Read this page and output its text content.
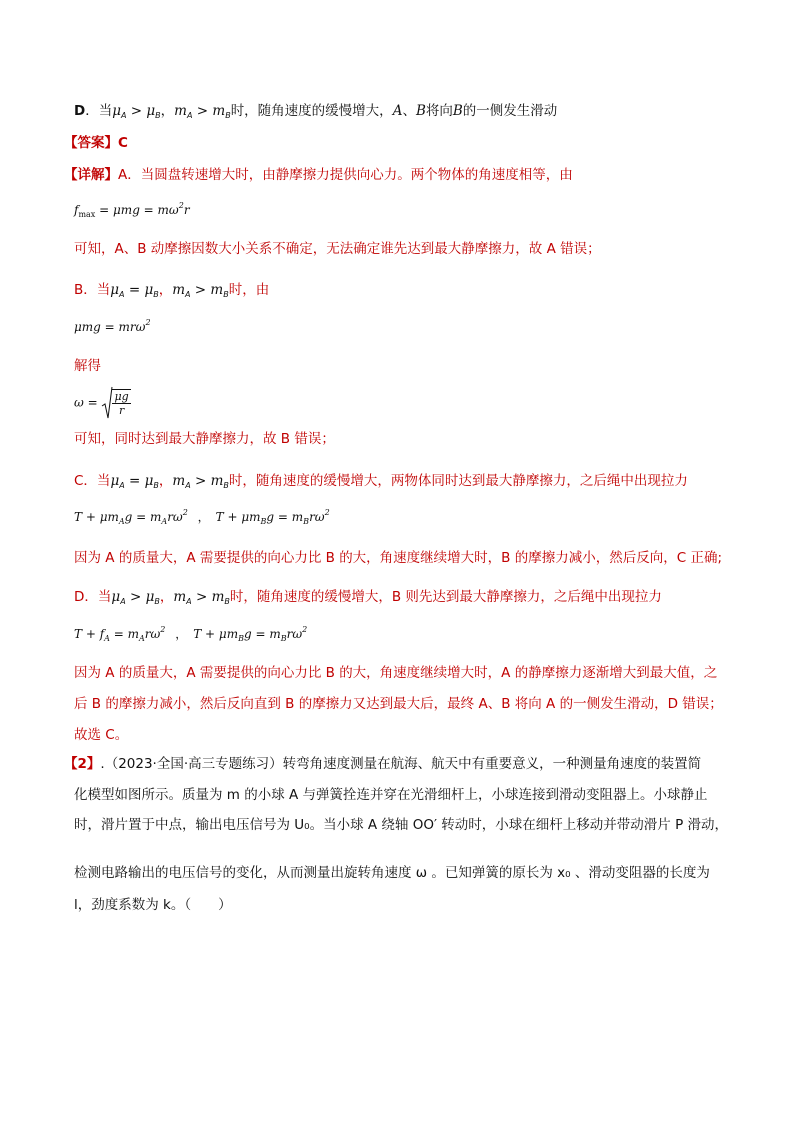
D．当$\mu_A > \mu_B$，$m_A > m_B$时，随角速度的缓慢增大，A、B将向B的一侧发生滑动
【答案】C
【详解】A．当圆盘转速增大时，由静摩擦力提供向心力。两个物体的角速度相等，由
$f_{max} = \mu mg = m\omega^2r$
可知，A、B 动摩擦因数大小关系不确定，无法确定谁先达到最大静摩擦力，故 A 错误；
B．当$\mu_A = \mu_B$，$m_A > m_B$时，由
μmg = mrω$^2$
解得
$\omega = \frac{\mu g}{r}$
可知，同时达到最大静摩擦力，故 B 错误；
C．当$\mu_A = \mu_B$，$m_A > m_B$时，随角速度的缓慢增大，两物体同时达到最大静摩擦力，之后绳中出现拉力
$T + \mu m_Ag = m_Ar\omega^2$ ， $T + \mu m_Bg = m_Br\omega^2$
因为 A 的质量大，A 需要提供的向心力比 B 的大，角速度继续增大时，B 的摩擦力减小，然后反向，C 正确;
D．当$\mu_A > \mu_B$，$m_A > m_B$时，随角速度的缓慢增大，B 则先达到最大静摩擦力，之后绳中出现拉力
$T + f_A = m_Ar\omega^2$ ， $T + \mu m_Bg = m_Br\omega^2$
因为 A 的质量大，A 需要提供的向心力比 B 的大，角速度继续增大时，A 的静摩擦力逐渐增大到最大值，之
后 B 的摩擦力减小，然后反向直到 B 的摩擦力又达到最大后，最终 A、B 将向 A 的一侧发生滑动，D 错误；
故选 C。
【2】.（2023·全国·高三专题练习）转弯角速度测量在航海、航天中有重要意义，一种测量角速度的装置简
化模型如图所示。质量为 m 的小球 A 与弹簧拴连并穿在光滑细杆上，小球连接到滑动变阻器上。小球静止
时，滑片置于中点，输出电压信号为 U₀。当小球 A 绕轴 OO′ 转动时，小球在细杆上移动并带动滑片 P 滑动，
检测电路输出的电压信号的变化，从而测量出旋转角速度 ω 。已知弹簧的原长为 x₀ 、滑动变阻器的长度为
l，劲度系数为 k。（　　）
